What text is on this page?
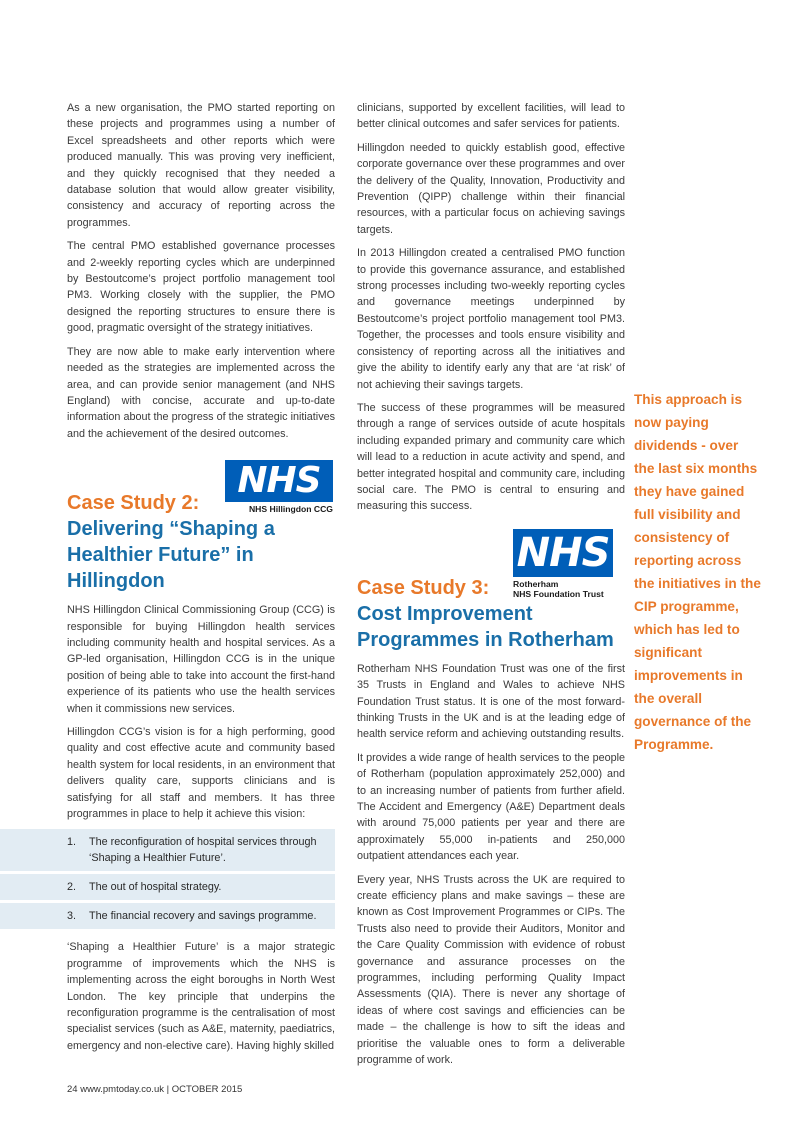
As a new organisation, the PMO started reporting on these projects and programmes using a number of Excel spreadsheets and other reports which were produced manually. This was proving very inefficient, and they quickly recognised that they needed a database solution that would allow greater visibility, consistency and accuracy of reporting across the programmes.

The central PMO established governance processes and 2-weekly reporting cycles which are underpinned by Bestoutcome’s project portfolio management tool PM3. Working closely with the supplier, the PMO designed the reporting structures to ensure there is good, pragmatic oversight of the strategy initiatives.

They are now able to make early intervention where needed as the strategies are implemented across the area, and can provide senior management (and NHS England) with concise, accurate and up-to-date information about the progress of the strategic initiatives and the achievement of the desired outcomes.

Case Study 2:
NHS
NHS Hillingdon CCG
Delivering “Shaping a Healthier Future” in Hillingdon

NHS Hillingdon Clinical Commissioning Group (CCG) is responsible for buying Hillingdon health services including community health and hospital services. As a GP-led organisation, Hillingdon CCG is in the unique position of being able to take into account the first-hand experience of its patients who use the health services when it commissions new services.

Hillingdon CCG’s vision is for a high performing, good quality and cost effective acute and community based health system for local residents, in an environment that delivers quality care, supports clinicians and is satisfying for all staff and members. It has three programmes in place to help it achieve this vision:

1.	The reconfiguration of hospital services through ‘Shaping a Healthier Future’.
2.	The out of hospital strategy.
3.	The financial recovery and savings programme.

‘Shaping a Healthier Future’ is a major strategic programme of improvements which the NHS is implementing across the eight boroughs in North West London. The key principle that underpins the reconfiguration programme is the centralisation of most specialist services (such as A&E, maternity, paediatrics, emergency and non-elective care). Having highly skilled

clinicians, supported by excellent facilities, will lead to better clinical outcomes and safer services for patients.

Hillingdon needed to quickly establish good, effective corporate governance over these programmes and over the delivery of the Quality, Innovation, Productivity and Prevention (QIPP) challenge within their financial resources, with a particular focus on achieving savings targets.

In 2013 Hillingdon created a centralised PMO function to provide this governance assurance, and established strong processes including two-weekly reporting cycles and governance meetings underpinned by Bestoutcome’s project portfolio management tool PM3. Together, the processes and tools ensure visibility and consistency of reporting across all the initiatives and give the ability to identify early any that are ‘at risk’ of not achieving their savings targets.

The success of these programmes will be measured through a range of services outside of acute hospitals including expanded primary and community care which will lead to a reduction in acute activity and spend, and better integrated hospital and community care, including social care. The PMO is central to ensuring and measuring this success.

Case Study 3:
NHS
Rotherham
NHS Foundation Trust
Cost Improvement Programmes in Rotherham

Rotherham NHS Foundation Trust was one of the first 35 Trusts in England and Wales to achieve NHS Foundation Trust status. It is one of the most forward-thinking Trusts in the UK and is at the leading edge of health service reform and achieving outstanding results.

It provides a wide range of health services to the people of Rotherham (population approximately 252,000) and to an increasing number of patients from further afield. The Accident and Emergency (A&E) Department deals with around 75,000 patients per year and there are approximately 55,000 in-patients and 250,000 outpatient attendances each year.

Every year, NHS Trusts across the UK are required to create efficiency plans and make savings – these are known as Cost Improvement Programmes or CIPs. The Trusts also need to provide their Auditors, Monitor and the Care Quality Commission with evidence of robust governance and assurance processes on the programmes, including performing Quality Impact Assessments (QIA). There is never any shortage of ideas of where cost savings and efficiencies can be made – the challenge is how to sift the ideas and prioritise the valuable ones to form a deliverable programme of work.

This approach is now paying dividends - over the last six months they have gained full visibility and consistency of reporting across the initiatives in the CIP programme, which has led to significant improvements in the overall governance of the Programme.

24 www.pmtoday.co.uk | OCTOBER 2015
